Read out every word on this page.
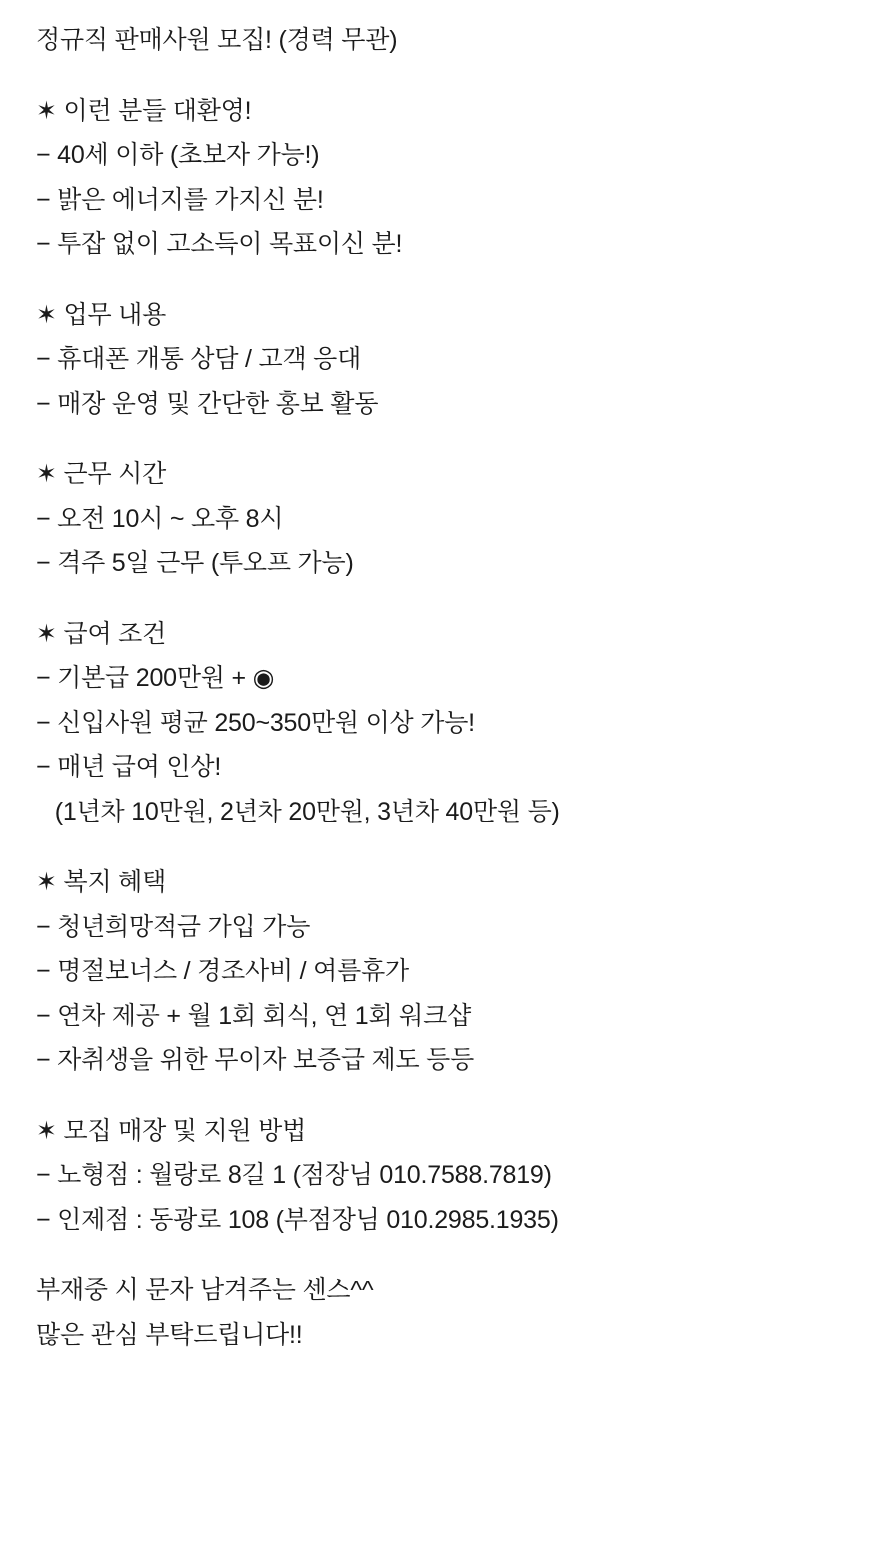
정규직 판매사원 모집! (경력 무관)
✶ 이런 분들 대환영!
− 40세 이하 (초보자 가능!)
− 밝은 에너지를 가지신 분!
− 투잡 없이 고소득이 목표이신 분!
✶ 업무 내용
− 휴대폰 개통 상담 / 고객 응대
− 매장 운영 및 간단한 홍보 활동
✶ 근무 시간
− 오전 10시 ~ 오후 8시
− 격주 5일 근무 (투오프 가능)
✶ 급여 조건
− 기본급 200만원 + ◉
− 신입사원 평균 250~350만원 이상 가능!
− 매년 급여 인상!
(1년차 10만원, 2년차 20만원, 3년차 40만원 등)
✶ 복지 혜택
− 청년희망적금 가입 가능
− 명절보너스 / 경조사비 / 여름휴가
− 연차 제공 + 월 1회 회식, 연 1회 워크샵
− 자취생을 위한 무이자 보증급 제도 등등
✶ 모집 매장 및 지원 방법
− 노형점 : 월랑로 8길 1 (점장님 010.7588.7819)
− 인제점 : 동광로 108 (부점장님 010.2985.1935)
부재중 시 문자 남겨주는 센스^^
많은 관심 부탁드립니다!!
